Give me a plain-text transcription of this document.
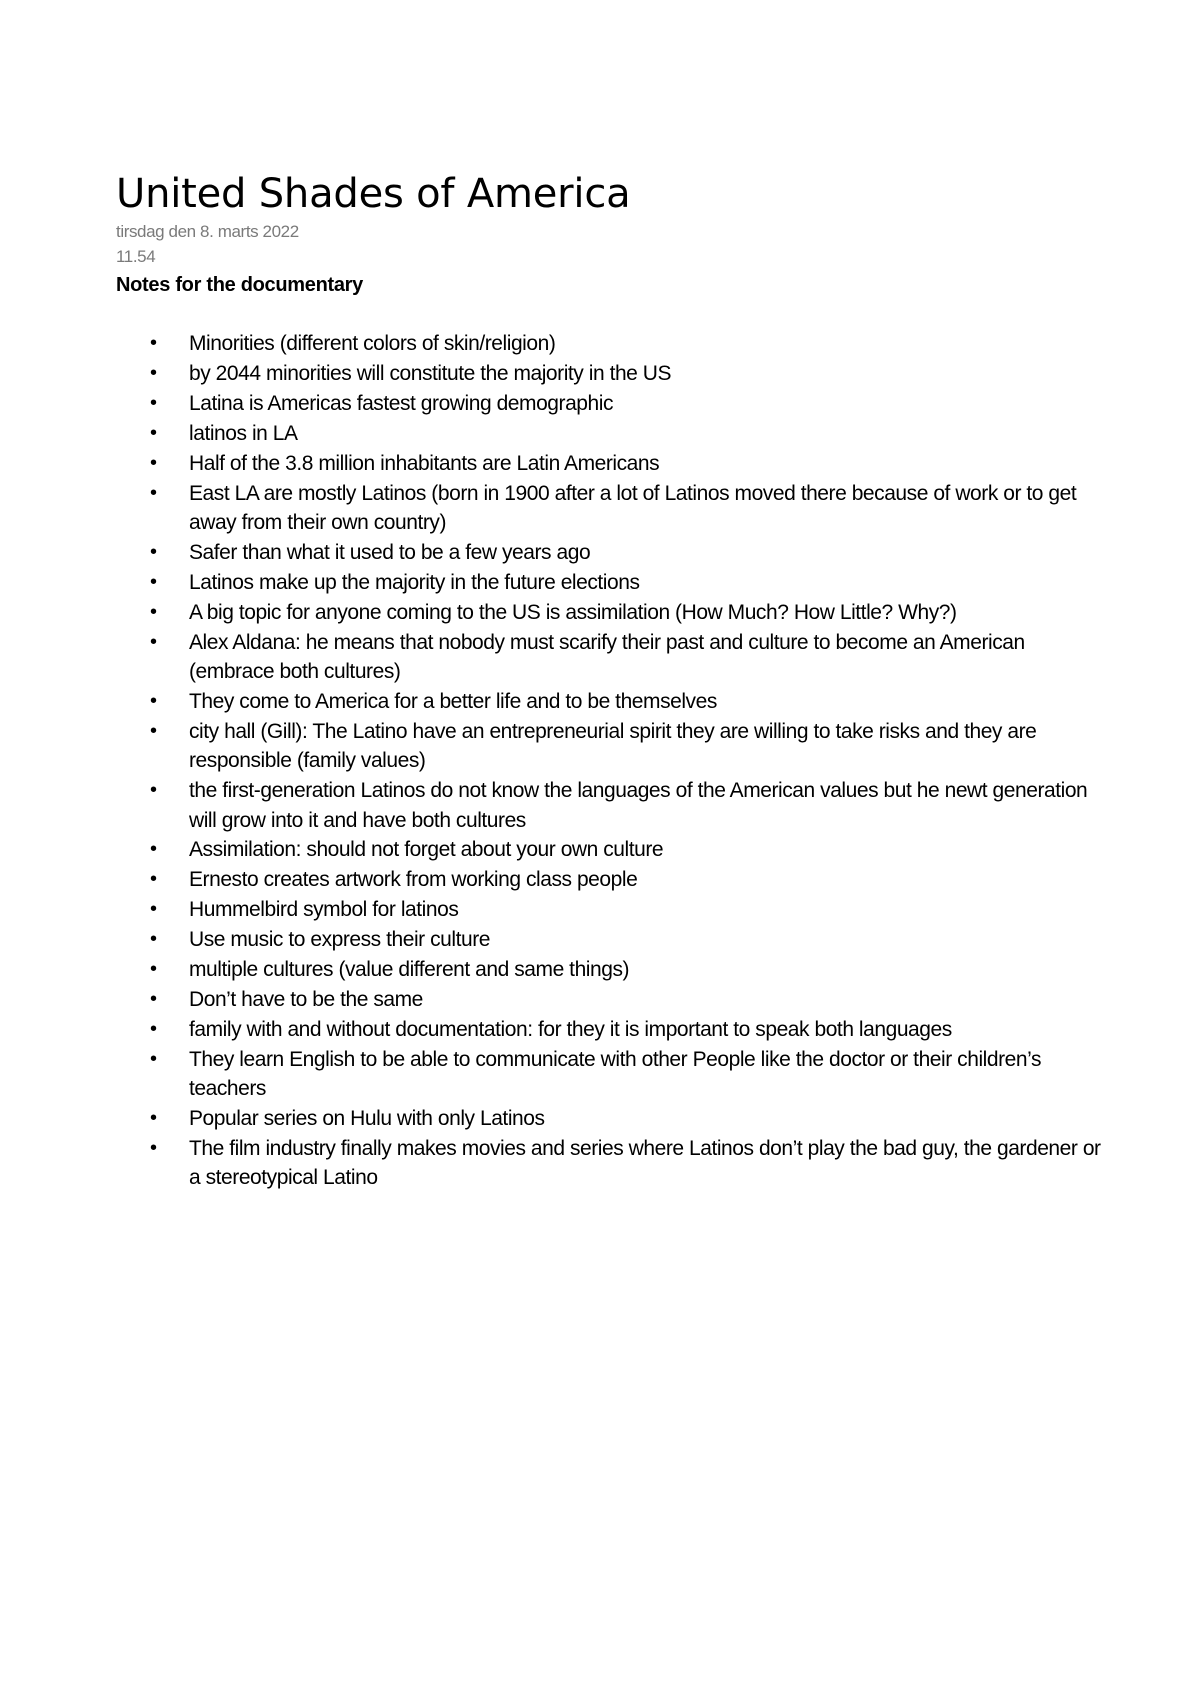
United Shades of America
tirsdag den 8. marts 2022
11.54
Notes for the documentary
• Minorities (different colors of skin/religion)
• by 2044 minorities will constitute the majority in the US
• Latina is Americas fastest growing demographic
• latinos in LA
• Half of the 3.8 million inhabitants are Latin Americans
• East LA are mostly Latinos (born in 1900 after a lot of Latinos moved there because of work or to get away from their own country)
• Safer than what it used to be a few years ago
• Latinos make up the majority in the future elections
• A big topic for anyone coming to the US is assimilation (How Much? How Little? Why?)
• Alex Aldana: he means that nobody must scarify their past and culture to become an American (embrace both cultures)
• They come to America for a better life and to be themselves
• city hall (Gill): The Latino have an entrepreneurial spirit they are willing to take risks and they are responsible (family values)
• the first-generation Latinos do not know the languages of the American values but he newt generation will grow into it and have both cultures
• Assimilation: should not forget about your own culture
• Ernesto creates artwork from working class people
• Hummelbird symbol for latinos
• Use music to express their culture
• multiple cultures (value different and same things)
• Don’t have to be the same
• family with and without documentation: for they it is important to speak both languages
• They learn English to be able to communicate with other People like the doctor or their children’s teachers
• Popular series on Hulu with only Latinos
• The film industry finally makes movies and series where Latinos don’t play the bad guy, the gardener or a stereotypical Latino
